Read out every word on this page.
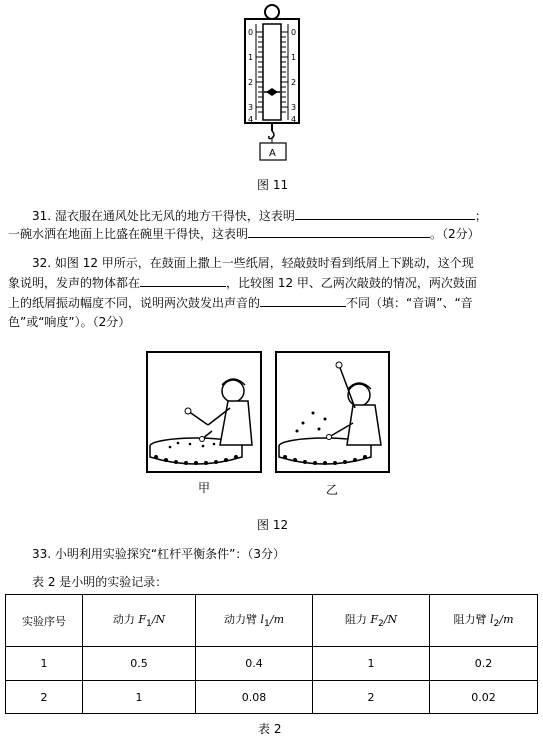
0
1
2
3
4
0
1
2
3
4
A
图 11
31. 湿衣服在通风处比无风的地方干得快，这表明	；
一碗水洒在地面上比盛在碗里干得快，这表明	。（2分）
32. 如图 12 甲所示，在鼓面上撒上一些纸屑，轻敲鼓时看到纸屑上下跳动，这个现
象说明，发声的物体都在	，比较图 12 甲、乙两次敲鼓的情况，两次鼓面
上的纸屑振动幅度不同，说明两次鼓发出声音的	不同（填：“音调”、“音
色”或“响度”）。（2分）
甲	乙
图 12
33. 小明利用实验探究“杠杆平衡条件”：（3分）
表 2 是小明的实验记录：
实验序号	动力 $F_1/N$	动力臂 $l_1/m$	阻力 $F_2/N$	阻力臂 $l_2/m$
1	0.5	0.4	1	0.2
2	1	0.08	2	0.02
表 2
